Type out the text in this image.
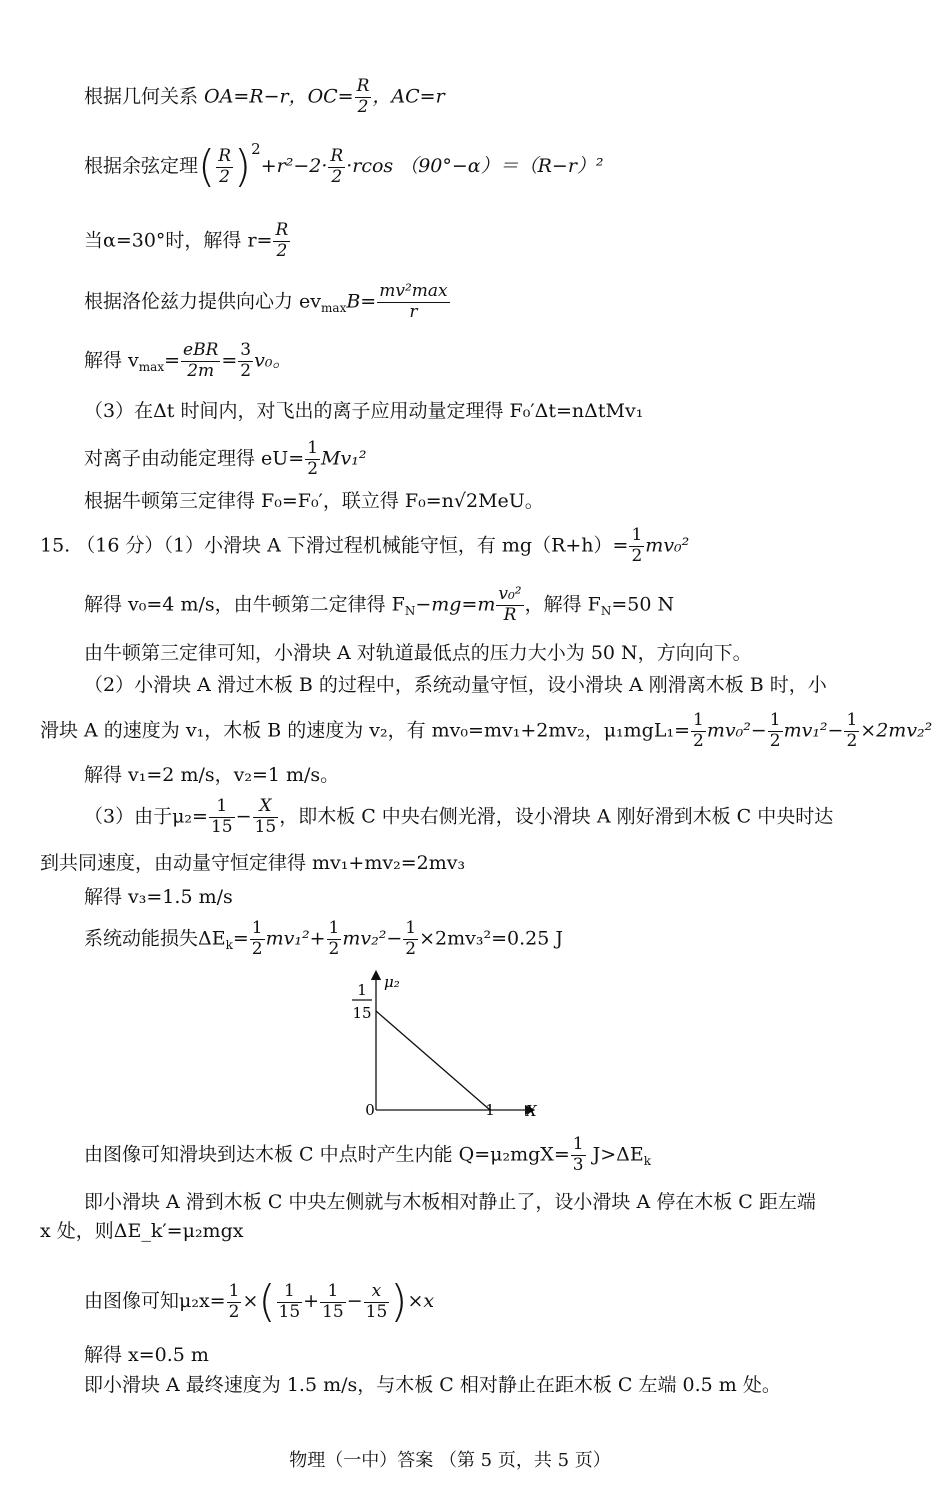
根据几何关系 OA=R−r，$OC= \frac{R}{2}$ ，AC=r
根据余弦定理( $\frac{R}{2} )^2+r^2-2\cdot \frac{R}{2} \cdot rcos$ （90°−α）＝（R−r）²
当α=30°时，解得 $r= \frac{R}{2}$
根据洛伦兹力提供向心力 $ev_{max}B= \frac{\text{mv²max}}{r}$
解得 $v_{max}= \frac{\text{eBR}}{2m} = \frac{3}{2} v_0$。
（3）在Δt 时间内，对飞出的离子应用动量定理得 F₀′Δt=nΔtMv₁
对离子由动能定理得 $eU= \frac{1}{2} Mv_1^2$
根据牛顿第三定律得 F₀=F₀′，联立得 F₀=n√2MeU。
15. （16 分）（1）小滑块 A 下滑过程机械能守恒，有 $mg(R+h)= \frac{1}{2} mv_0^2$
解得 v₀=4 m/s，由牛顿第二定律得 $F_N-mg=m \frac{\text{v₀²}}{R}$ ，解得 $F_N=50$ N
由牛顿第三定律可知，小滑块 A 对轨道最低点的压力大小为 50 N，方向向下。
（2）小滑块 A 滑过木板 B 的过程中，系统动量守恒，设小滑块 A 刚滑离木板 B 时，小
滑块 A 的速度为 v₁，木板 B 的速度为 v₂，有 mv₀=mv₁+2mv₂，$\mu_1mgL_1= \frac{1}{2} mv_0^2- \frac{1}{2} mv_1^2- \frac{1}{2} \times 2mv_2^2$
解得 v₁=2 m/s，v₂=1 m/s。
（3）由于$\mu_2= \frac{1}{15} - \frac{X}{15}$ ，即木板 C 中央右侧光滑，设小滑块 A 刚好滑到木板 C 中央时达
到共同速度，由动量守恒定律得 mv₁+mv₂=2mv₃
解得 v₃=1.5 m/s
系统动能损失$\Delta E_k= \frac{1}{2} mv_1^2+ \frac{1}{2} mv_2^2- \frac{1}{2} \times 2mv_3^2=0.25$ J
1
15
μ₂
0	1 X
由图像可知滑块到达木板 C 中点时产生内能 $Q=\mu_2mgX= \frac{1}{3} J>\Delta E_k$
即小滑块 A 滑到木板 C 中央左侧就与木板相对静止了，设小滑块 A 停在木板 C 距左端
x 处，则ΔE_k′=μ₂mgx
由图像可知$\mu_2x= \frac{1}{2}$ ×( $\frac{1}{15} + \frac{1}{15} - \frac{x}{15} )\times x$
解得 x=0.5 m
即小滑块 A 最终速度为 1.5 m/s，与木板 C 相对静止在距木板 C 左端 0.5 m 处。
物理（一中）答案 （第 5 页，共 5 页）
